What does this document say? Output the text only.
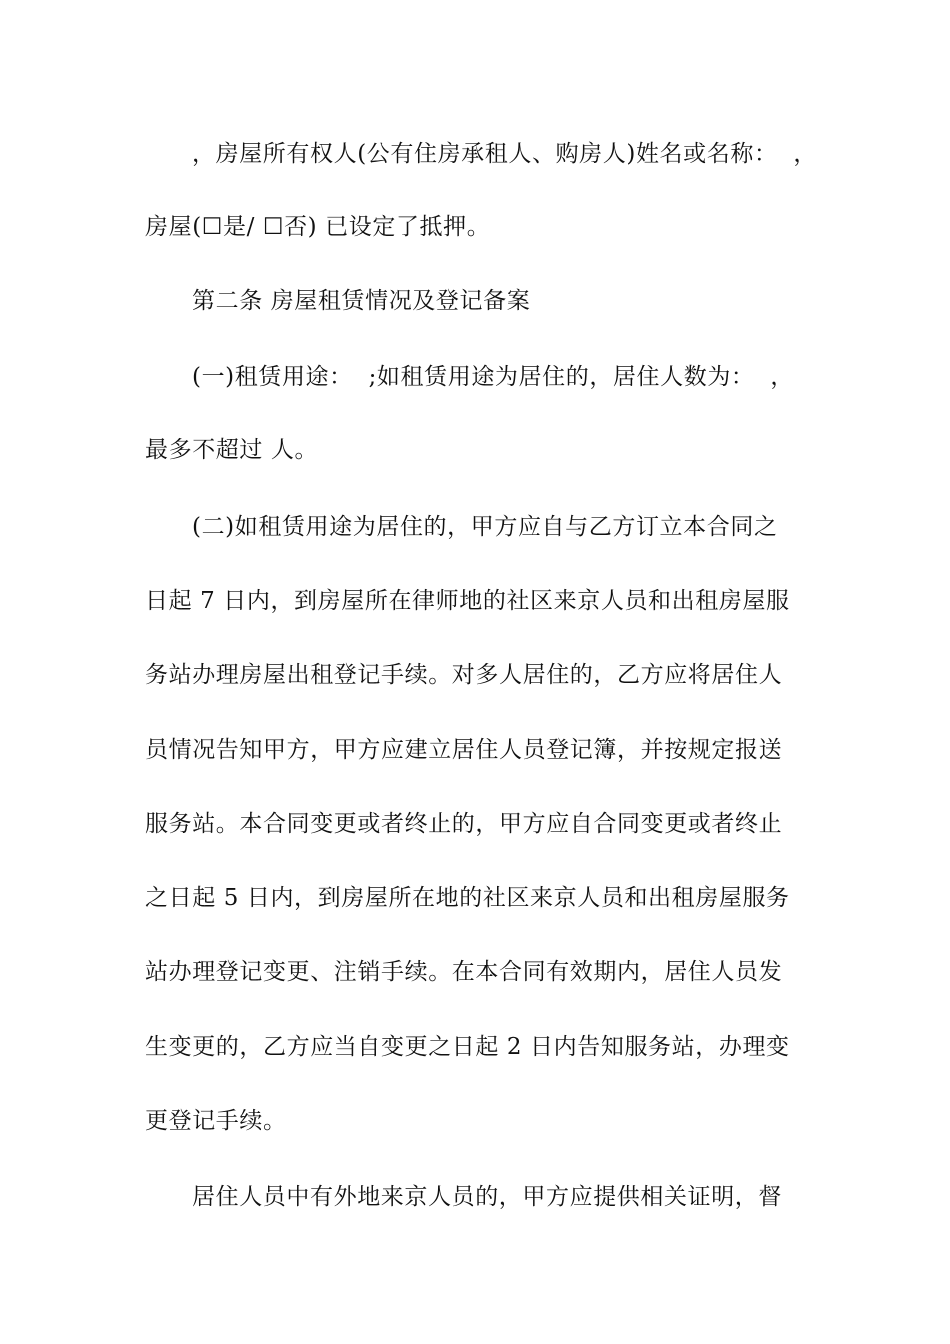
，房屋所有权人(公有住房承租人、购房人)姓名或名称：  ，
房屋(☐是/ ☐否) 已设定了抵押。
第二条 房屋租赁情况及登记备案
(一)租赁用途：  ;如租赁用途为居住的，居住人数为：  ，
最多不超过 人。
(二)如租赁用途为居住的，甲方应自与乙方订立本合同之
日起 7 日内，到房屋所在律师地的社区来京人员和出租房屋服
务站办理房屋出租登记手续。对多人居住的，乙方应将居住人
员情况告知甲方，甲方应建立居住人员登记簿，并按规定报送
服务站。本合同变更或者终止的，甲方应自合同变更或者终止
之日起 5 日内，到房屋所在地的社区来京人员和出租房屋服务
站办理登记变更、注销手续。在本合同有效期内，居住人员发
生变更的，乙方应当自变更之日起 2 日内告知服务站，办理变
更登记手续。
居住人员中有外地来京人员的，甲方应提供相关证明，督
